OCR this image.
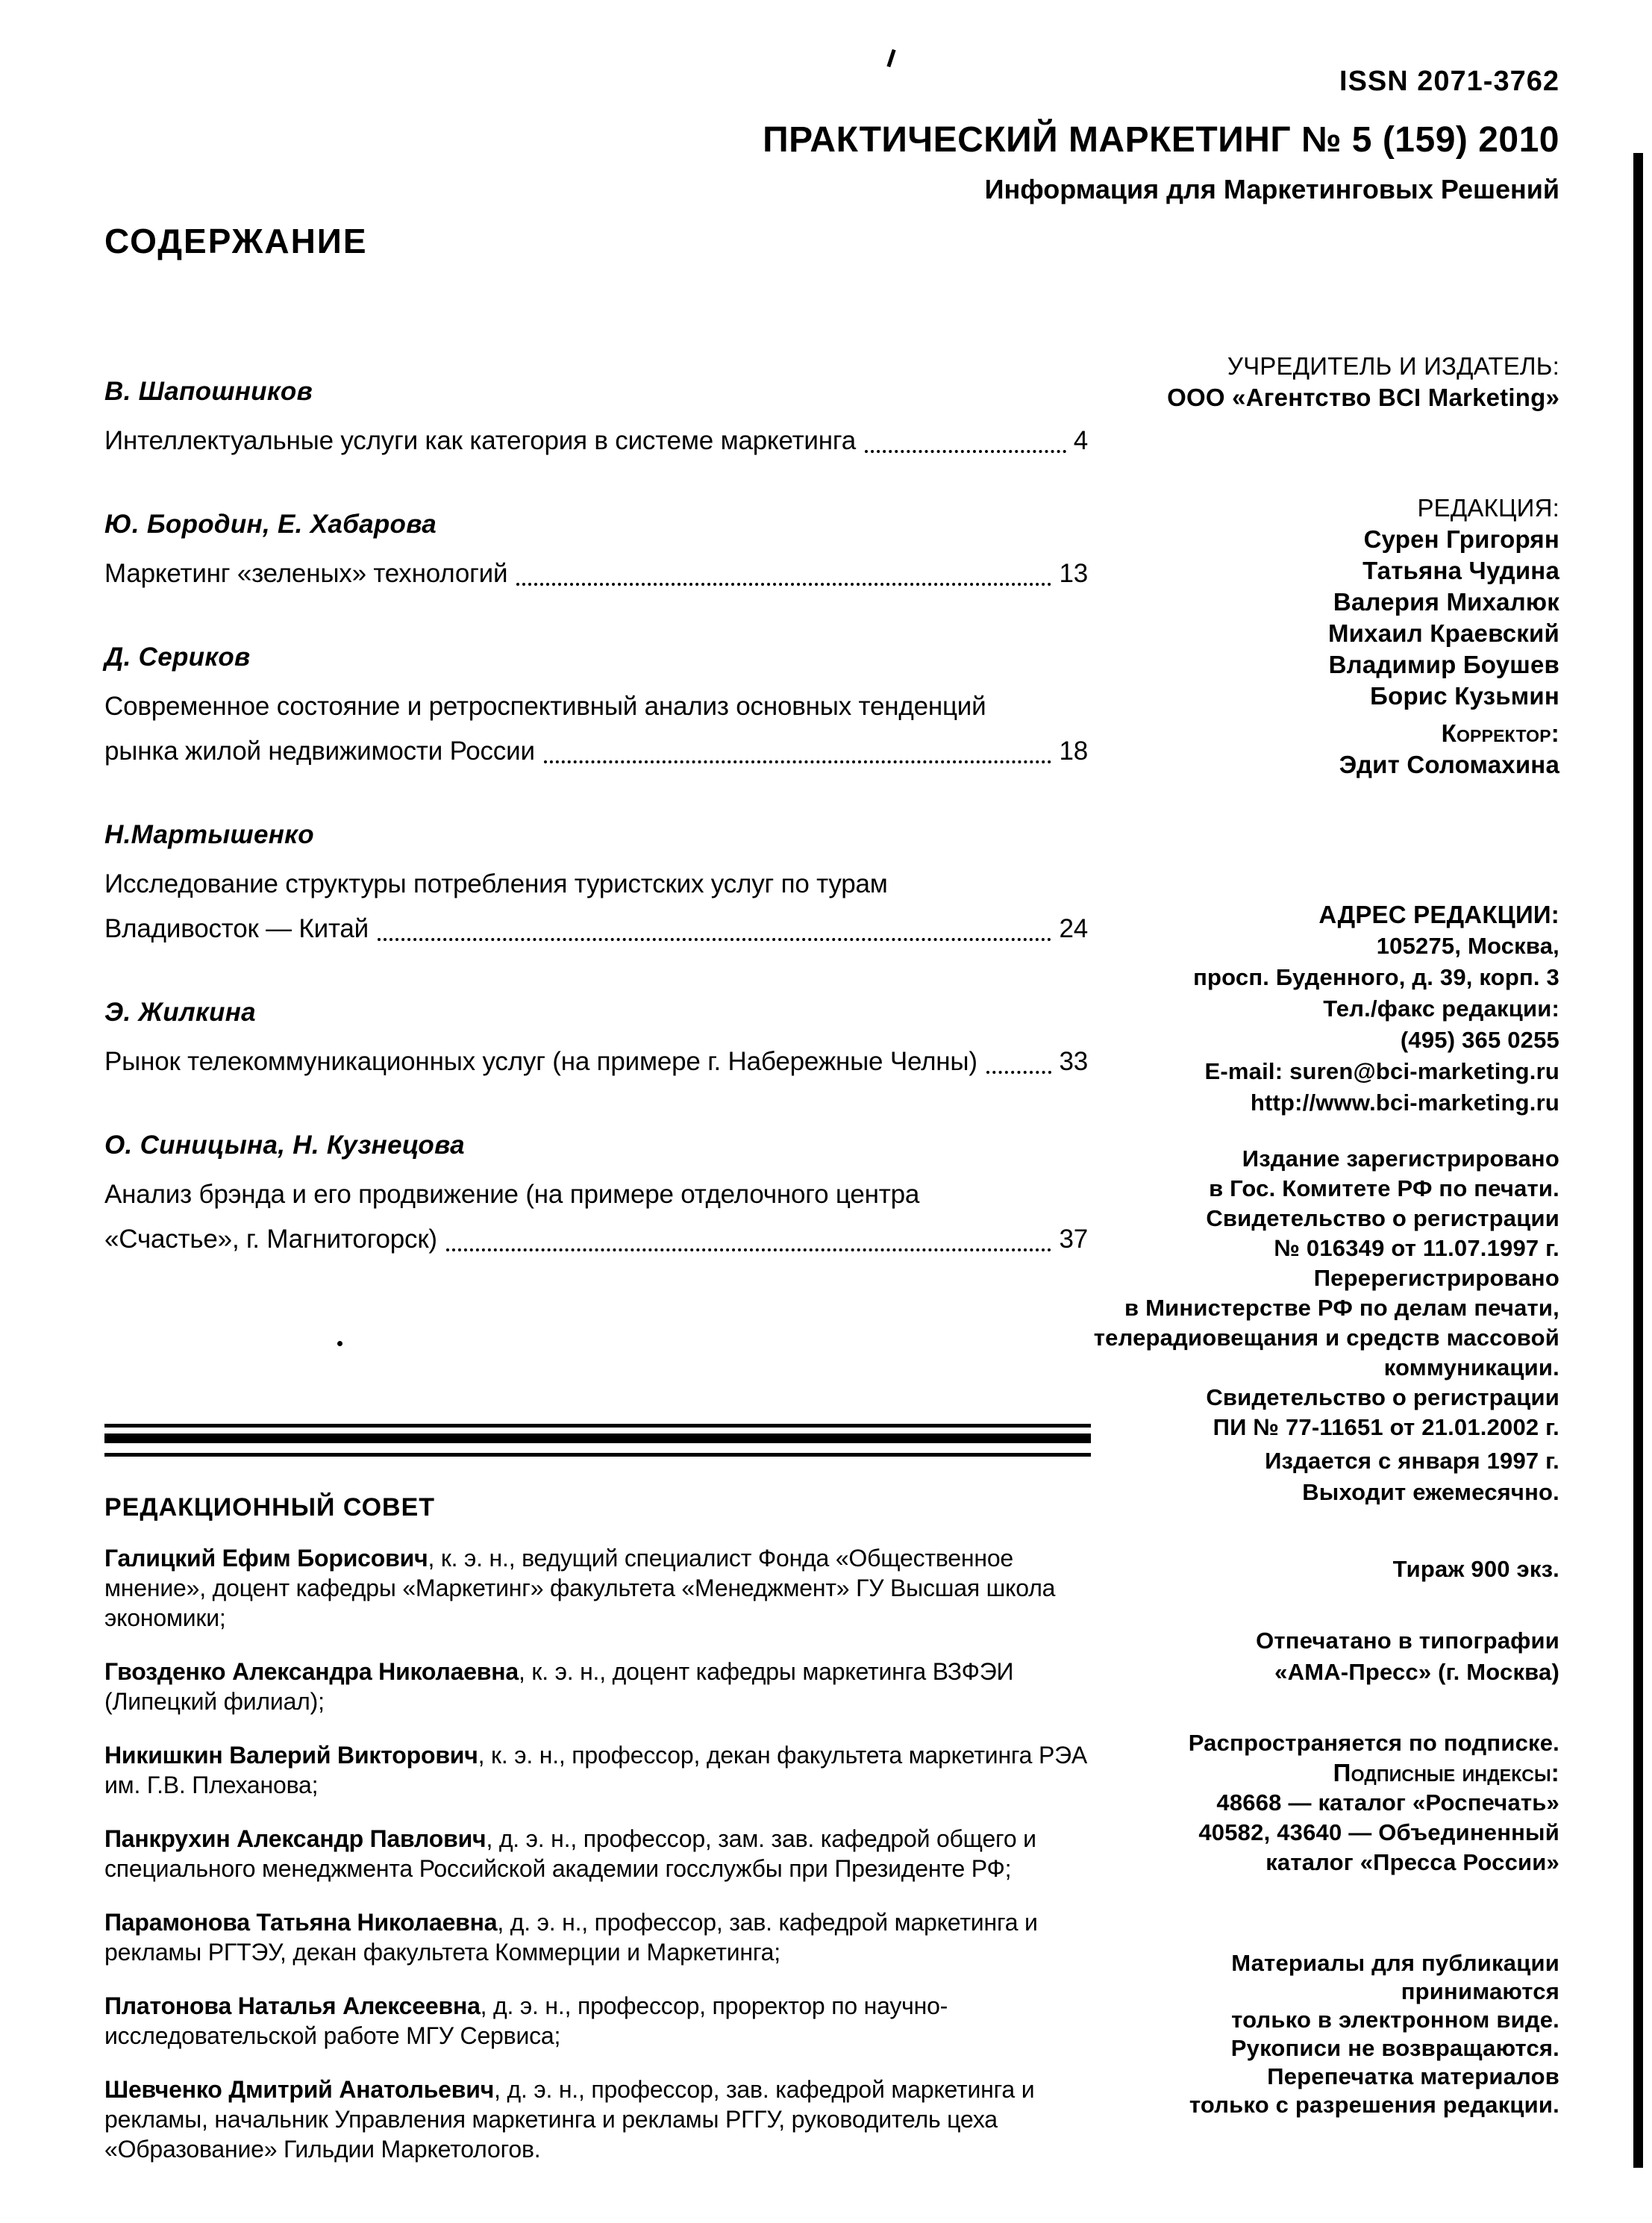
ISSN 2071-3762
ПРАКТИЧЕСКИЙ МАРКЕТИНГ № 5 (159) 2010
Информация для Маркетинговых Решений
СОДЕРЖАНИЕ
В. Шапошников
Интеллектуальные услуги как категория в системе маркетинга	4
Ю. Бородин, Е. Хабарова
Маркетинг «зеленых» технологий	13
Д. Сериков
Современное состояние и ретроспективный анализ основных тенденций
рынка жилой недвижимости России	18
Н.Мартышенко
Исследование структуры потребления туристских услуг по турам
Владивосток — Китай	24
Э. Жилкина
Рынок телекоммуникационных услуг (на примере г. Набережные Челны)	33
О. Синицына, Н. Кузнецова
Анализ брэнда и его продвижение (на примере отделочного центра
«Счастье», г. Магнитогорск)	37
УЧРЕДИТЕЛЬ И ИЗДАТЕЛЬ:
ООО «Агентство BCI Marketing»
РЕДАКЦИЯ:
Сурен Григорян
Татьяна Чудина
Валерия Михалюк
Михаил Краевский
Владимир Боушев
Борис Кузьмин
Корректор:
Эдит Соломахина
АДРЕС РЕДАКЦИИ:
105275, Москва,
просп. Буденного, д. 39, корп. 3
Тел./факс редакции:
(495) 365 0255
E-mail: suren@bci-marketing.ru
http://www.bci-marketing.ru
Издание зарегистрировано
в Гос. Комитете РФ по печати.
Свидетельство о регистрации
№ 016349 от 11.07.1997 г.
Перерегистрировано
в Министерстве РФ по делам печати,
телерадиовещания и средств массовой
коммуникации.
Свидетельство о регистрации
ПИ № 77-11651 от 21.01.2002 г.
Издается с января 1997 г.
Выходит ежемесячно.
Тираж 900 экз.
Отпечатано в типографии
«АМА-Пресс» (г. Москва)
Распространяется по подписке.
Подписные индексы:
48668 — каталог «Роспечать»
40582, 43640 — Объединенный
каталог «Пресса России»
Материалы для публикации
принимаются
только в электронном виде.
Рукописи не возвращаются.
Перепечатка материалов
только с разрешения редакции.
РЕДАКЦИОННЫЙ СОВЕТ

Галицкий Ефим Борисович, к. э. н., ведущий специалист Фонда «Общественное мнение», доцент кафедры «Маркетинг» факультета «Менеджмент» ГУ Высшая школа экономики;

Гвозденко Александра Николаевна, к. э. н., доцент кафедры маркетинга ВЗФЭИ (Липецкий филиал);

Никишкин Валерий Викторович, к. э. н., профессор, декан факультета маркетинга РЭА им. Г.В. Плеханова;

Панкрухин Александр Павлович, д. э. н., профессор, зам. зав. кафедрой общего и специального менеджмента Российской академии госслужбы при Президенте РФ;

Парамонова Татьяна Николаевна, д. э. н., профессор, зав. кафедрой маркетинга и рекламы РГТЭУ, декан факультета Коммерции и Маркетинга;

Платонова Наталья Алексеевна, д. э. н., профессор, проректор по научно-исследовательской работе МГУ Сервиса;

Шевченко Дмитрий Анатольевич, д. э. н., профессор, зав. кафедрой маркетинга и рекламы, начальник Управления маркетинга и рекламы РГГУ, руководитель цеха «Образование» Гильдии Маркетологов.
